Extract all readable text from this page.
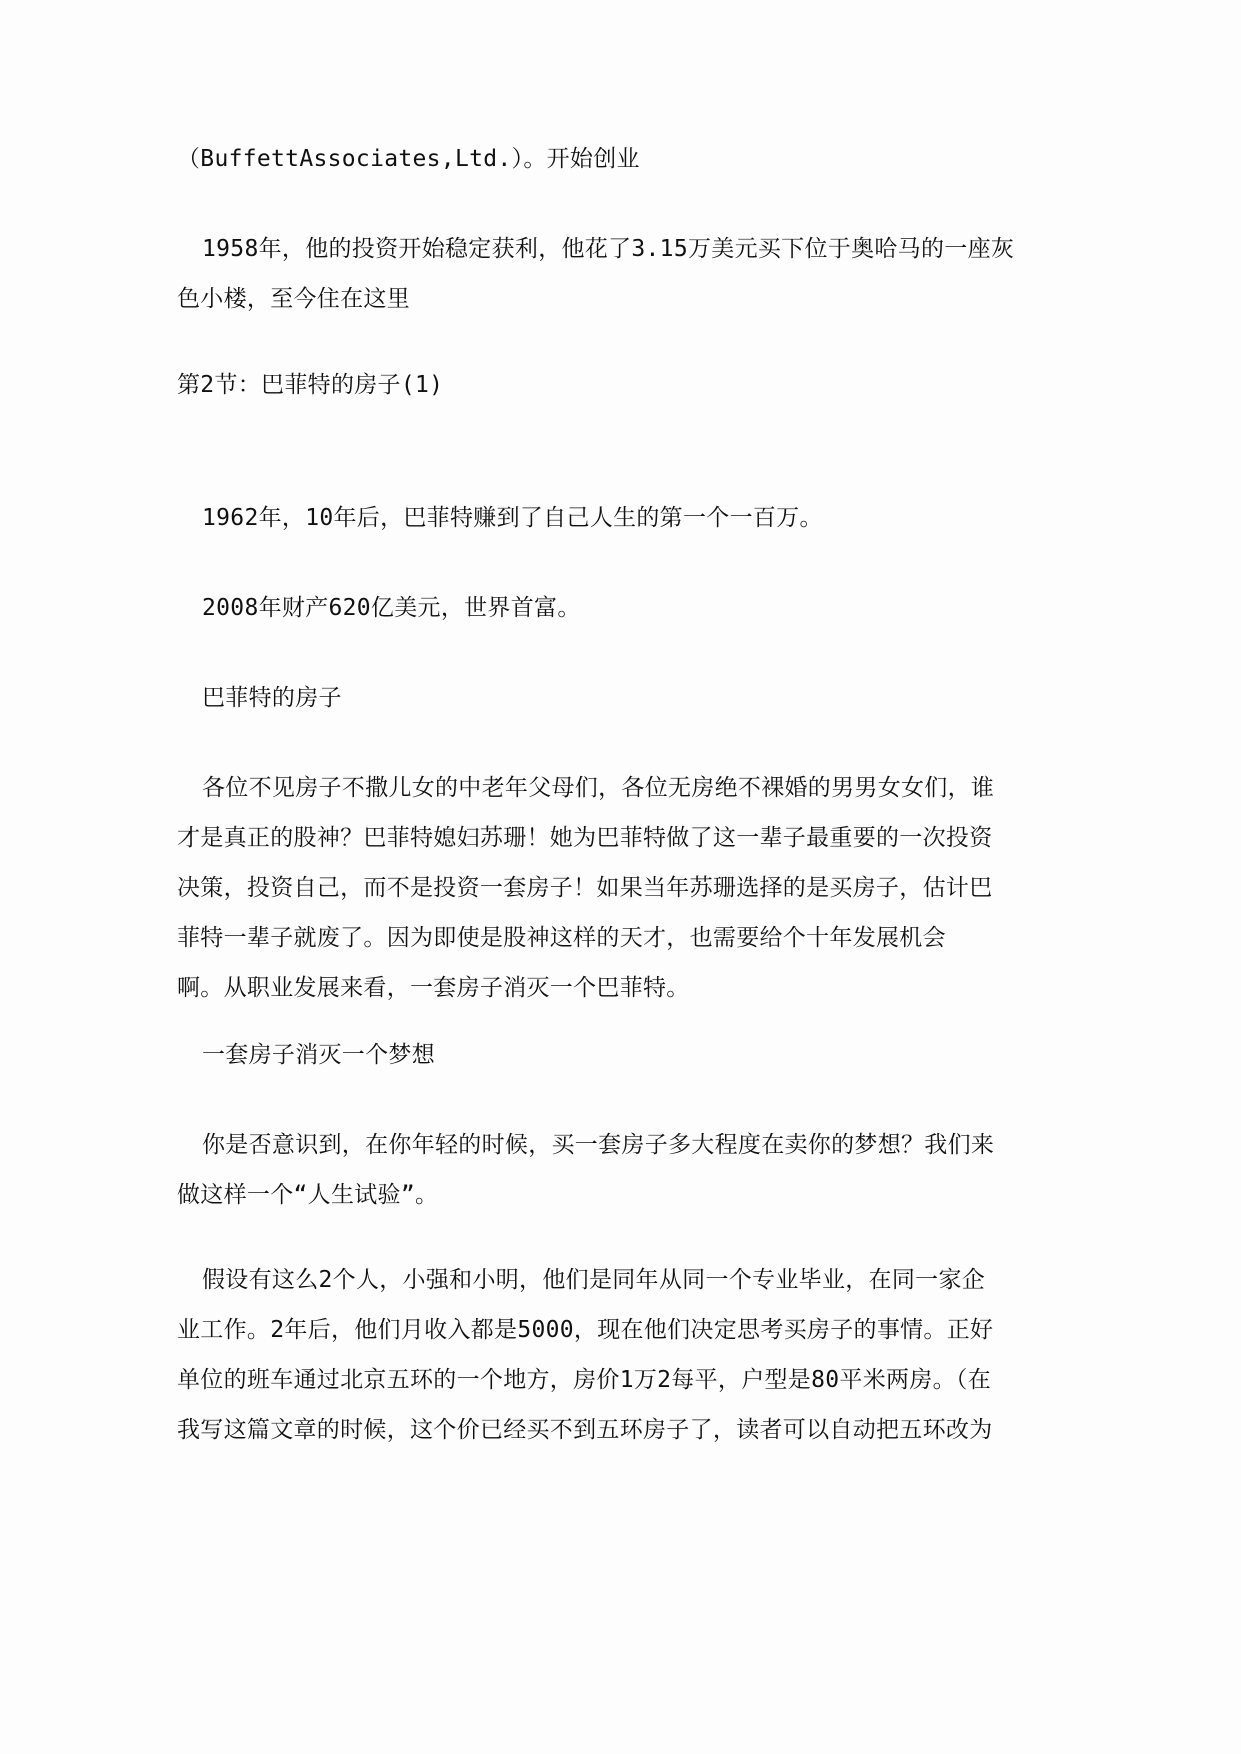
（BuffettAssociates,Ltd.）。开始创业
1958年，他的投资开始稳定获利，他花了3.15万美元买下位于奥哈马的一座灰
色小楼，至今住在这里
第2节：巴菲特的房子(1)
1962年，10年后，巴菲特赚到了自己人生的第一个一百万。
2008年财产620亿美元，世界首富。
巴菲特的房子
各位不见房子不撒儿女的中老年父母们，各位无房绝不裸婚的男男女女们，谁
才是真正的股神？巴菲特媳妇苏珊！她为巴菲特做了这一辈子最重要的一次投资
决策，投资自己，而不是投资一套房子！如果当年苏珊选择的是买房子，估计巴
菲特一辈子就废了。因为即使是股神这样的天才，也需要给个十年发展机会
啊。从职业发展来看，一套房子消灭一个巴菲特。
一套房子消灭一个梦想
你是否意识到，在你年轻的时候，买一套房子多大程度在卖你的梦想？我们来
做这样一个“人生试验”。
假设有这么2个人，小强和小明，他们是同年从同一个专业毕业，在同一家企
业工作。2年后，他们月收入都是5000，现在他们决定思考买房子的事情。正好
单位的班车通过北京五环的一个地方，房价1万2每平，户型是80平米两房。（在
我写这篇文章的时候，这个价已经买不到五环房子了，读者可以自动把五环改为
